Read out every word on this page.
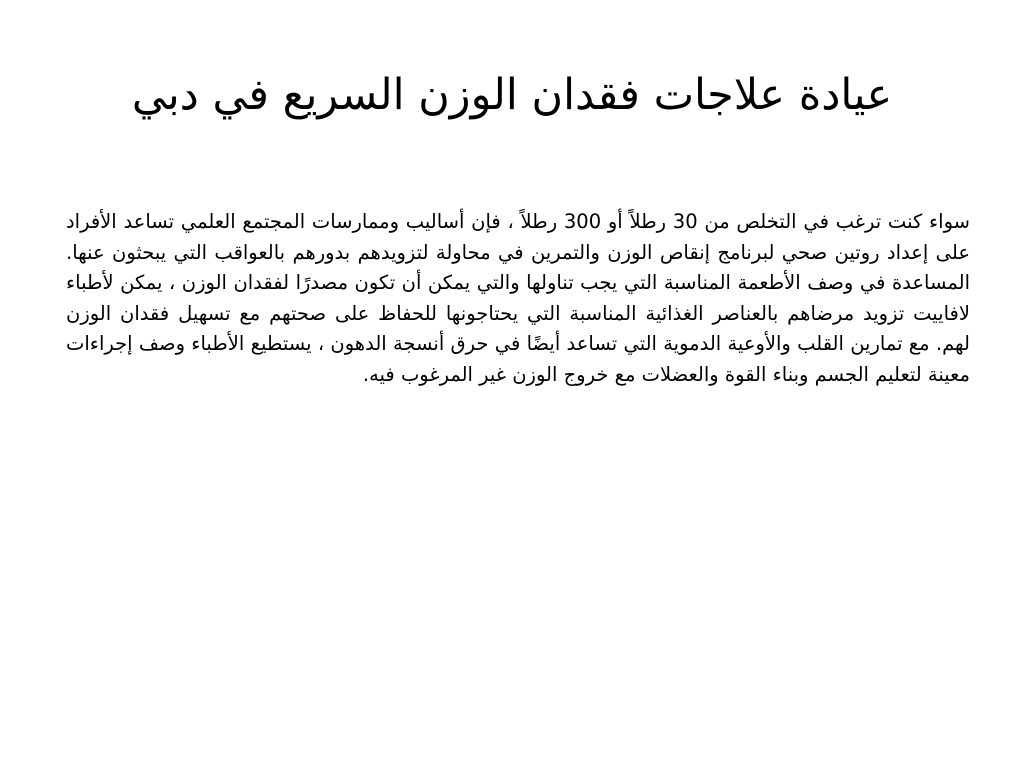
عيادة علاجات فقدان الوزن السريع في دبي

سواء كنت ترغب في التخلص من 30 رطلاً أو 300 رطلاً ، فإن أساليب وممارسات المجتمع العلمي تساعد الأفراد على إعداد روتين صحي لبرنامج إنقاص الوزن والتمرين في محاولة لتزويدهم بدورهم بالعواقب التي يبحثون عنها. المساعدة في وصف الأطعمة المناسبة التي يجب تناولها والتي يمكن أن تكون مصدرًا لفقدان الوزن ، يمكن لأطباء لافاييت تزويد مرضاهم بالعناصر الغذائية المناسبة التي يحتاجونها للحفاظ على صحتهم مع تسهيل فقدان الوزن لهم. مع تمارين القلب والأوعية الدموية التي تساعد أيضًا في حرق أنسجة الدهون ، يستطيع الأطباء وصف إجراءات معينة لتعليم الجسم وبناء القوة والعضلات مع خروج الوزن غير المرغوب فيه.
